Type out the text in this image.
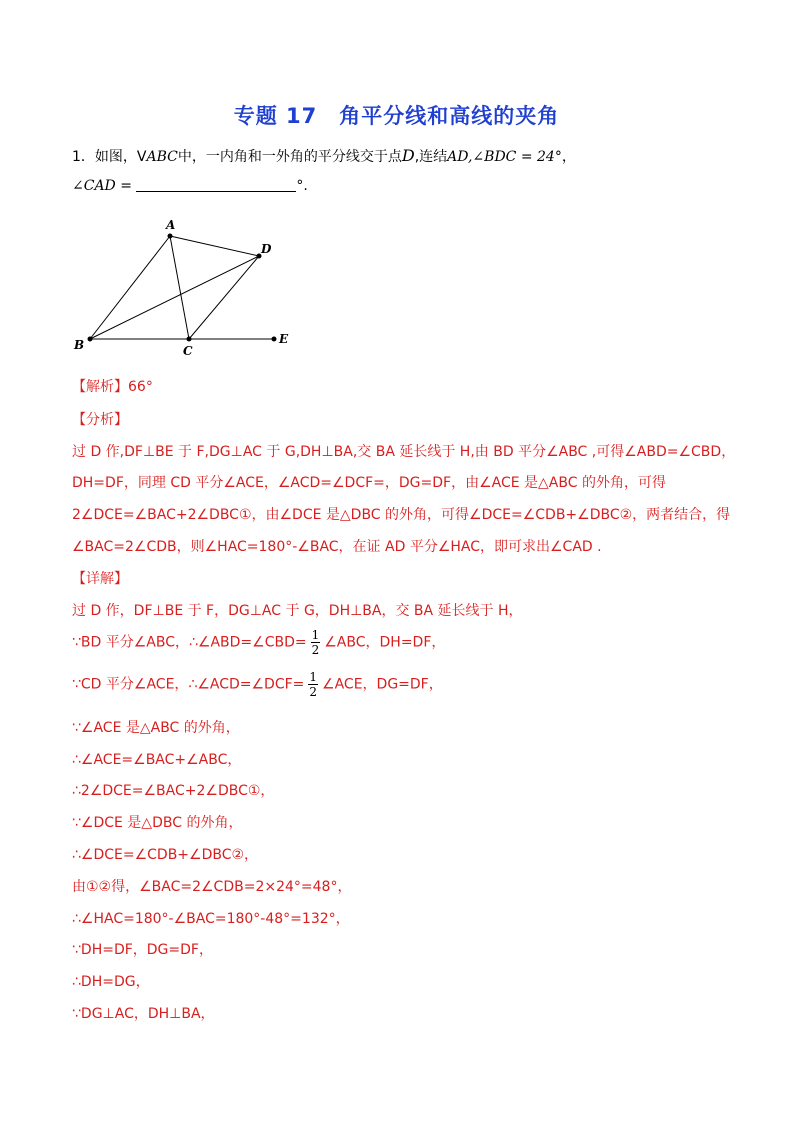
专题 17　角平分线和高线的夹角
1．如图，VABC中，一内角和一外角的平分线交于点D,连结AD,∠BDC = 24°，
∠CAD =	°.
A
B	C
D
E
【解析】66°
【分析】
过 D 作,DF⊥BE 于 F,DG⊥AC 于 G,DH⊥BA,交 BA 延长线于 H,由 BD 平分∠ABC ,可得∠ABD=∠CBD，
DH=DF，同理 CD 平分∠ACE，∠ACD=∠DCF=，DG=DF，由∠ACE 是△ABC 的外角，可得
2∠DCE=∠BAC+2∠DBC①，由∠DCE 是△DBC 的外角，可得∠DCE=∠CDB+∠DBC②，两者结合，得
∠BAC=2∠CDB，则∠HAC=180°-∠BAC，在证 AD 平分∠HAC，即可求出∠CAD .
【详解】
过 D 作，DF⊥BE 于 F，DG⊥AC 于 G，DH⊥BA，交 BA 延长线于 H，
∵BD 平分∠ABC，∴∠ABD=∠CBD= $\frac{1}{2}$ ∠ABC，DH=DF，
∵CD 平分∠ACE，∴∠ACD=∠DCF= $\frac{1}{2}$ ∠ACE，DG=DF，
∵∠ACE 是△ABC 的外角，
∴∠ACE=∠BAC+∠ABC，
∴2∠DCE=∠BAC+2∠DBC①，
∵∠DCE 是△DBC 的外角，
∴∠DCE=∠CDB+∠DBC②，
由①②得，∠BAC=2∠CDB=2×24°=48°，
∴∠HAC=180°-∠BAC=180°-48°=132°，
∵DH=DF，DG=DF，
∴DH=DG，
∵DG⊥AC，DH⊥BA，
